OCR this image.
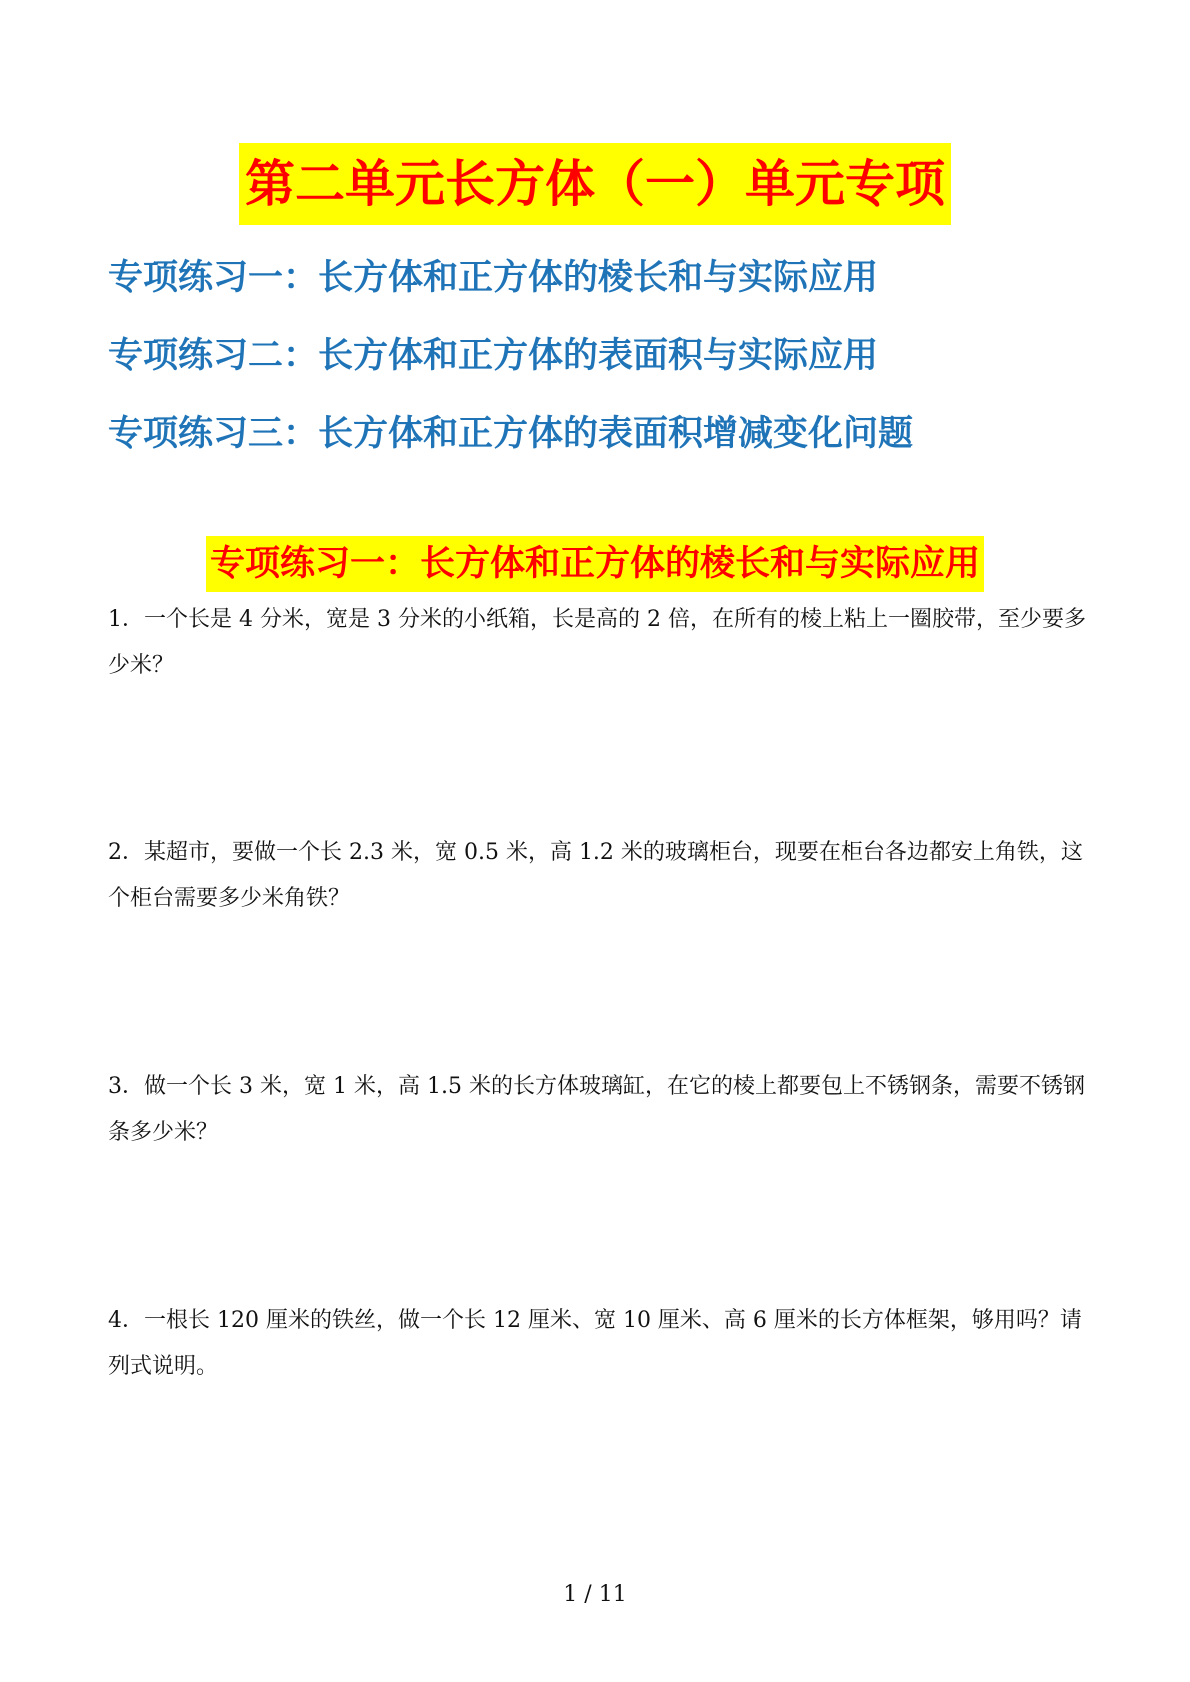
第二单元长方体（一）单元专项
专项练习一：长方体和正方体的棱长和与实际应用
专项练习二：长方体和正方体的表面积与实际应用
专项练习三：长方体和正方体的表面积增减变化问题
专项练习一：长方体和正方体的棱长和与实际应用

1．一个长是 4 分米，宽是 3 分米的小纸箱，长是高的 2 倍，在所有的棱上粘上一圈胶带，至少要多少米？

2．某超市，要做一个长 2.3 米，宽 0.5 米，高 1.2 米的玻璃柜台，现要在柜台各边都安上角铁，这个柜台需要多少米角铁？

3．做一个长 3 米，宽 1 米，高 1.5 米的长方体玻璃缸，在它的棱上都要包上不锈钢条，需要不锈钢条多少米？

4．一根长 120 厘米的铁丝，做一个长 12 厘米、宽 10 厘米、高 6 厘米的长方体框架，够用吗？请列式说明。

1 / 11
